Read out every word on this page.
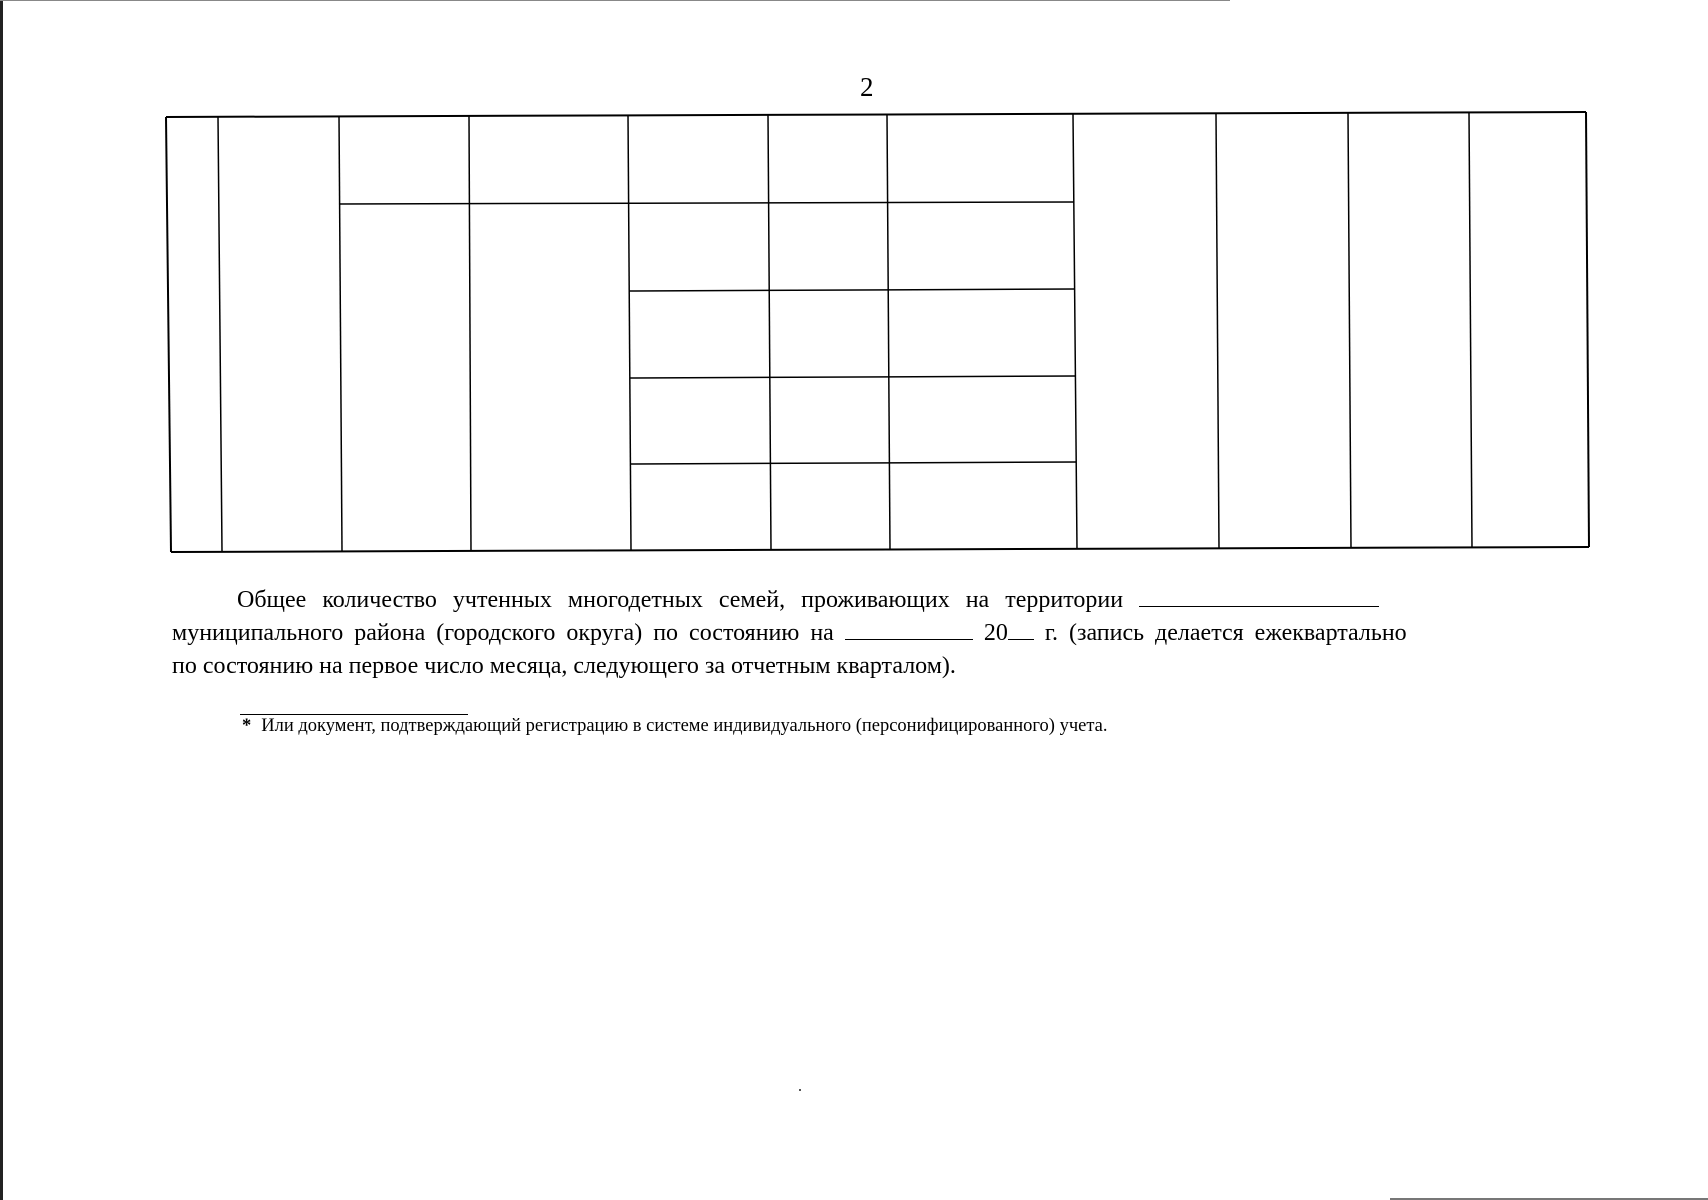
2
Общее количество учтенных многодетных семей, проживающих на территории
муниципального района (городского округа) по состоянию на	20 г. (запись делается ежеквартально
по состоянию на первое число месяца, следующего за отчетным кварталом).
* Или документ, подтверждающий регистрацию в системе индивидуального (персонифицированного) учета.
